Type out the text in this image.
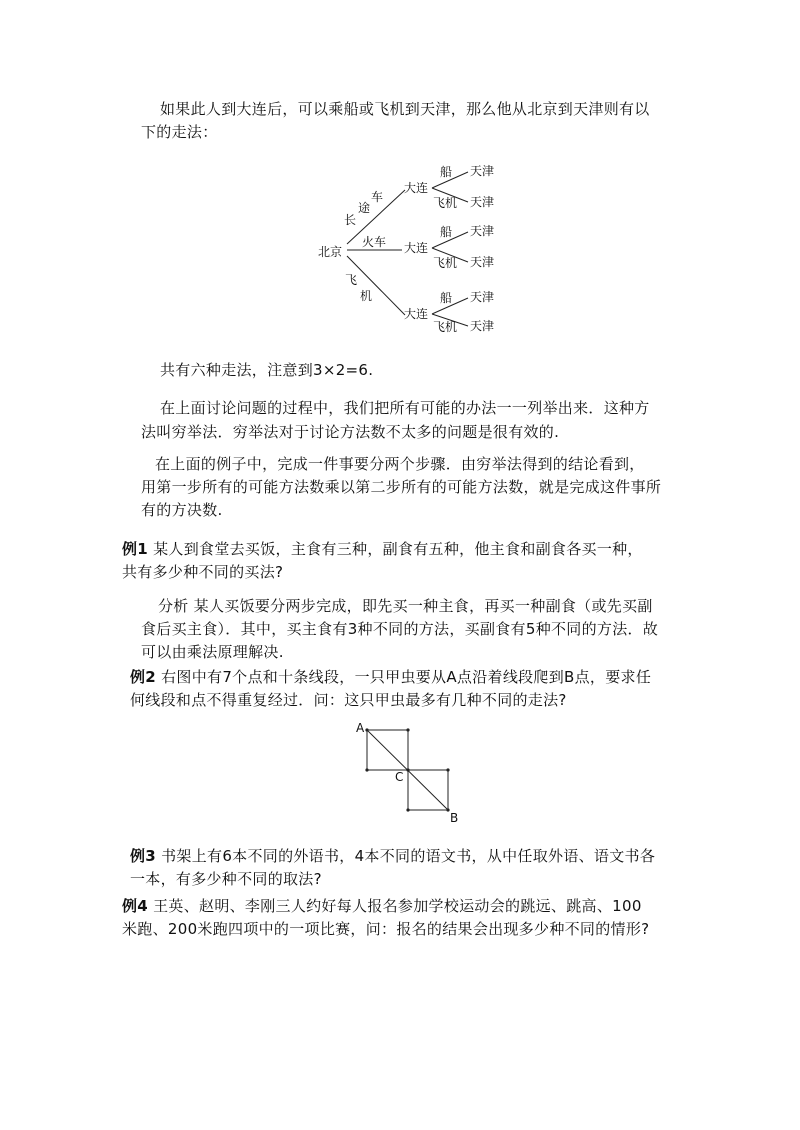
如果此人到大连后，可以乘船或飞机到天津，那么他从北京到天津则有以
下的走法：
北京
车
途
长
火车
飞
机
大连
大连
大连
船
船
船
飞机
飞机
飞机
天津
天津
天津
天津
天津
天津
共有六种走法，注意到3×2=6.
在上面讨论问题的过程中，我们把所有可能的办法一一列举出来．这种方
法叫穷举法．穷举法对于讨论方法数不太多的问题是很有效的.
在上面的例子中，完成一件事要分两个步骤．由穷举法得到的结论看到，
用第一步所有的可能方法数乘以第二步所有的可能方法数，就是完成这件事所
有的方决数.
例1 某人到食堂去买饭，主食有三种，副食有五种，他主食和副食各买一种，
共有多少种不同的买法?
分析 某人买饭要分两步完成，即先买一种主食，再买一种副食（或先买副
食后买主食）．其中，买主食有3种不同的方法，买副食有5种不同的方法．故
可以由乘法原理解决.
例2 右图中有7个点和十条线段，一只甲虫要从A点沿着线段爬到B点，要求任
何线段和点不得重复经过．问：这只甲虫最多有几种不同的走法?
A
C
B
例3 书架上有6本不同的外语书，4本不同的语文书，从中任取外语、语文书各
一本，有多少种不同的取法?
例4 王英、赵明、李刚三人约好每人报名参加学校运动会的跳远、跳高、100
米跑、200米跑四项中的一项比赛，问：报名的结果会出现多少种不同的情形?
